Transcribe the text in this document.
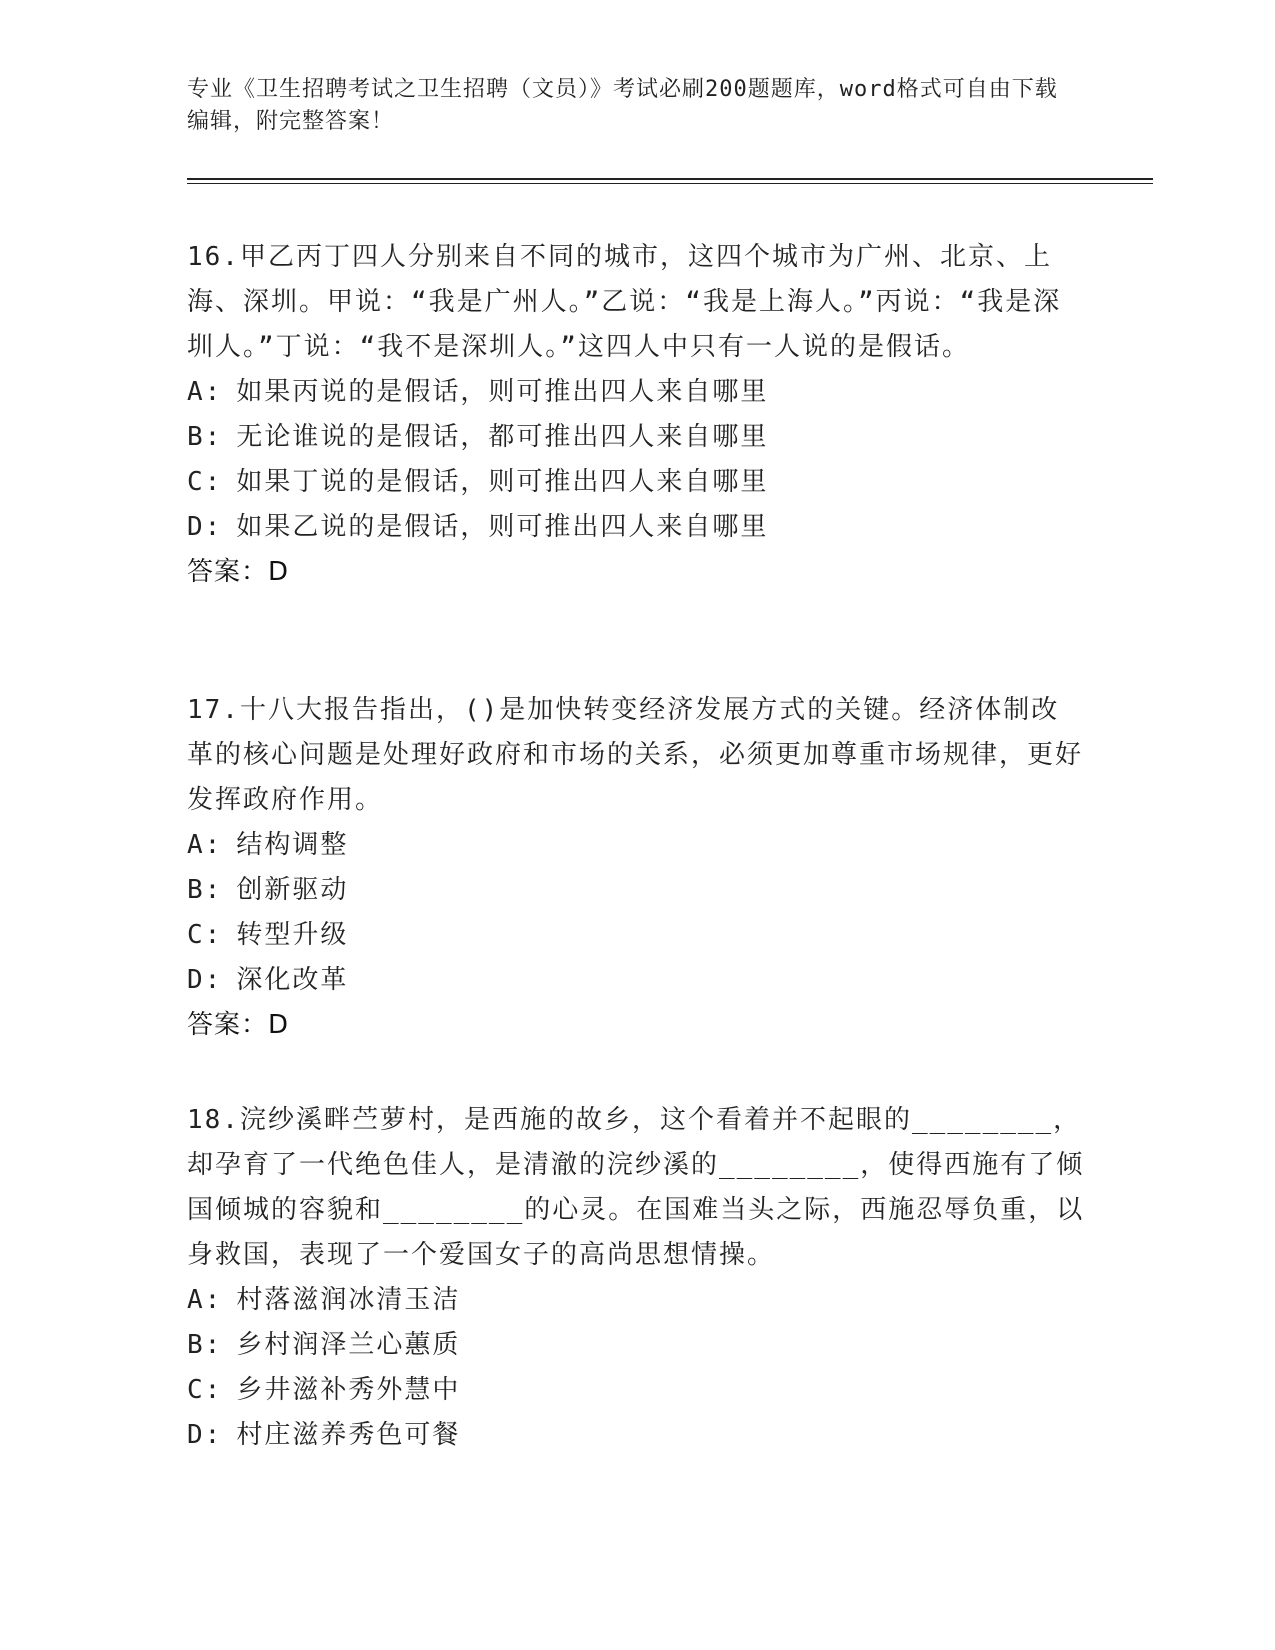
专业《卫生招聘考试之卫生招聘（文员）》考试必刷200题题库，word格式可自由下载编辑，附完整答案！
16.甲乙丙丁四人分别来自不同的城市，这四个城市为广州、北京、上海、深圳。甲说：“我是广州人。”乙说：“我是上海人。”丙说：“我是深圳人。”丁说：“我不是深圳人。”这四人中只有一人说的是假话。
A: 如果丙说的是假话，则可推出四人来自哪里
B: 无论谁说的是假话，都可推出四人来自哪里
C: 如果丁说的是假话，则可推出四人来自哪里
D: 如果乙说的是假话，则可推出四人来自哪里
答案：D
17.十八大报告指出，()是加快转变经济发展方式的关键。经济体制改革的核心问题是处理好政府和市场的关系，必须更加尊重市场规律，更好发挥政府作用。
A: 结构调整
B: 创新驱动
C: 转型升级
D: 深化改革
答案：D
18.浣纱溪畔苎萝村，是西施的故乡，这个看着并不起眼的________，却孕育了一代绝色佳人，是清澈的浣纱溪的________，使得西施有了倾国倾城的容貌和________的心灵。在国难当头之际，西施忍辱负重，以身救国，表现了一个爱国女子的高尚思想情操。
A: 村落滋润冰清玉洁
B: 乡村润泽兰心蕙质
C: 乡井滋补秀外慧中
D: 村庄滋养秀色可餐
